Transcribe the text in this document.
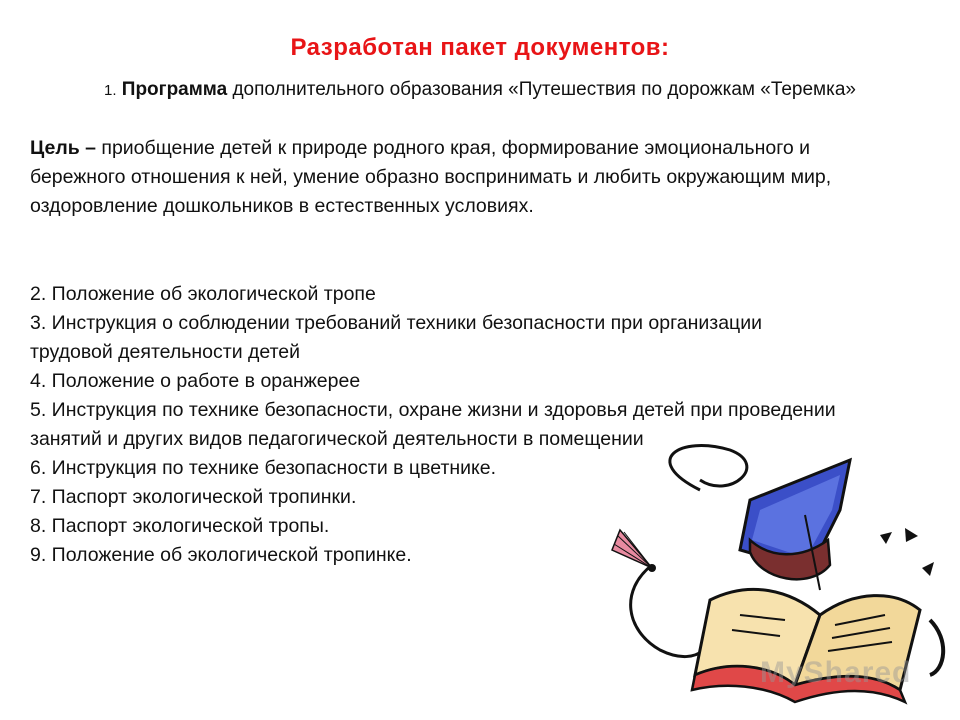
Разработан пакет документов:
1. Программа дополнительного образования «Путешествия по дорожкам «Теремка»
Цель – приобщение детей к природе родного края, формирование эмоционального и бережного отношения к ней, умение образно воспринимать и любить окружающим мир, оздоровление дошкольников в естественных условиях.
2. Положение об экологической тропе
3. Инструкция о соблюдении требований техники безопасности при организации трудовой деятельности детей
4. Положение о работе в оранжерее
5. Инструкция по технике безопасности, охране жизни и здоровья детей при проведении занятий и других видов педагогической деятельности в помещении
6. Инструкция по технике безопасности в цветнике.
7. Паспорт экологической тропинки.
8. Паспорт экологической тропы.
9. Положение об экологической тропинке.
MyShared
